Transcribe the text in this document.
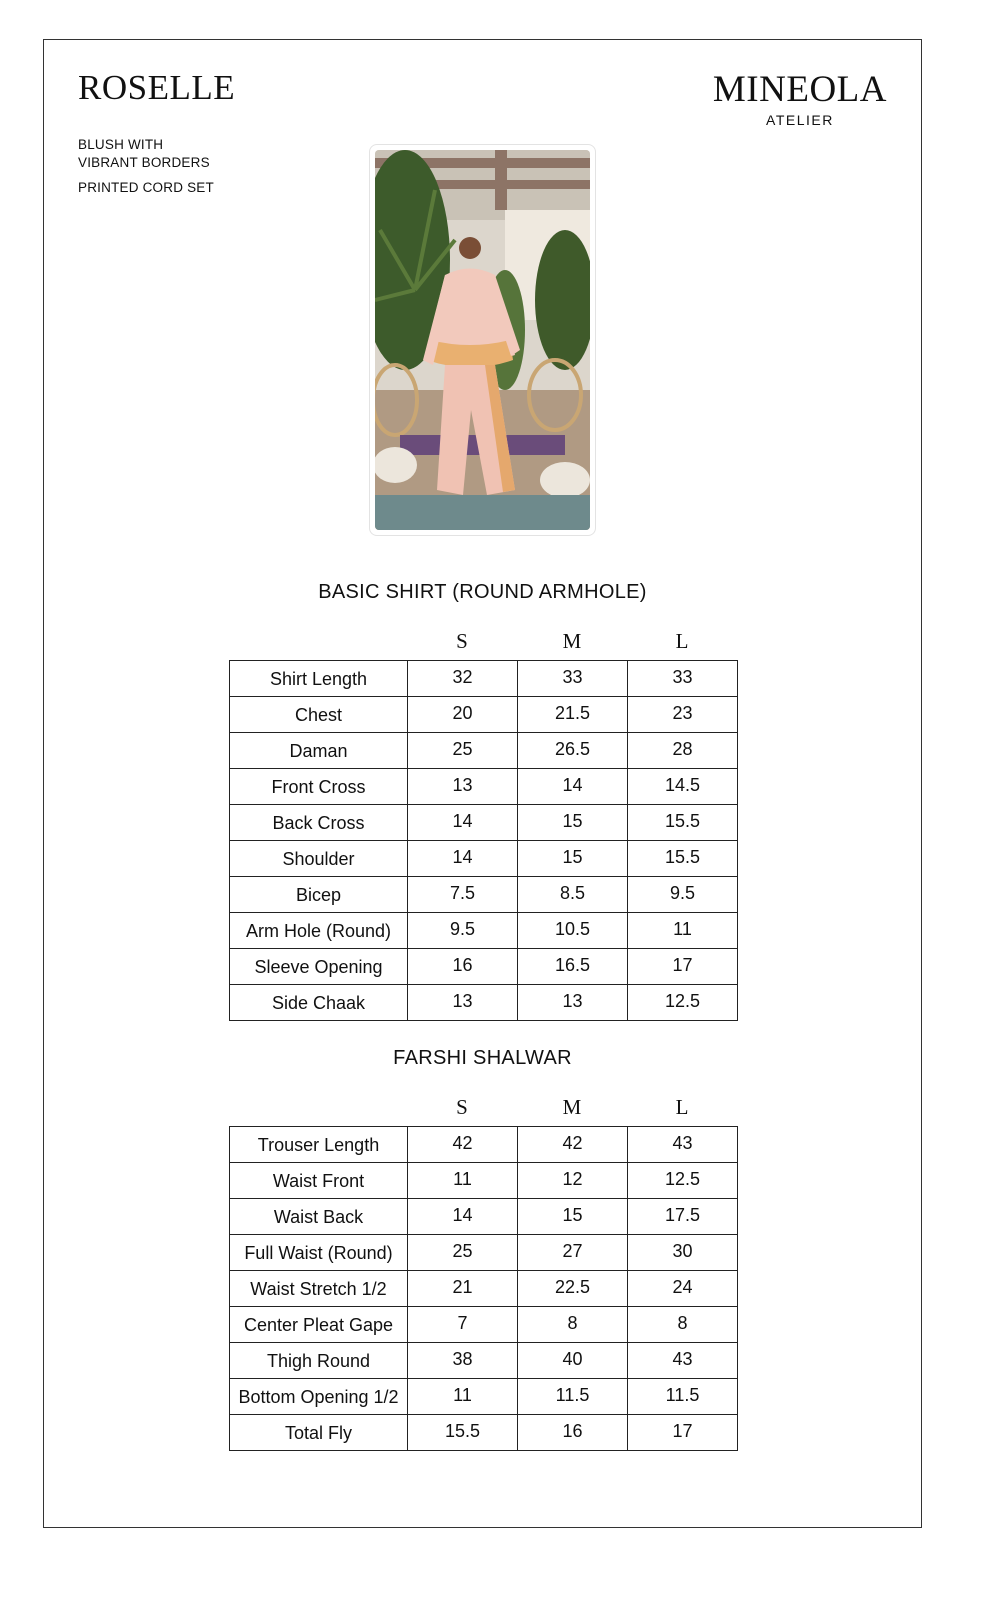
ROSELLE
BLUSH WITH
VIBRANT BORDERS
PRINTED CORD SET
MINEOLA
ATELIER
BASIC SHIRT (ROUND ARMHOLE)
S	M	L
Shirt Length	32	33	33
Chest	20	21.5	23
Daman	25	26.5	28
Front Cross	13	14	14.5
Back Cross	14	15	15.5
Shoulder	14	15	15.5
Bicep	7.5	8.5	9.5
Arm Hole (Round)	9.5	10.5	11
Sleeve Opening	16	16.5	17
Side Chaak	13	13	12.5
FARSHI SHALWAR
S	M	L
Trouser Length	42	42	43
Waist Front	11	12	12.5
Waist Back	14	15	17.5
Full Waist (Round)	25	27	30
Waist Stretch 1/2	21	22.5	24
Center Pleat Gape	7	8	8
Thigh Round	38	40	43
Bottom Opening 1/2	11	11.5	11.5
Total Fly	15.5	16	17
